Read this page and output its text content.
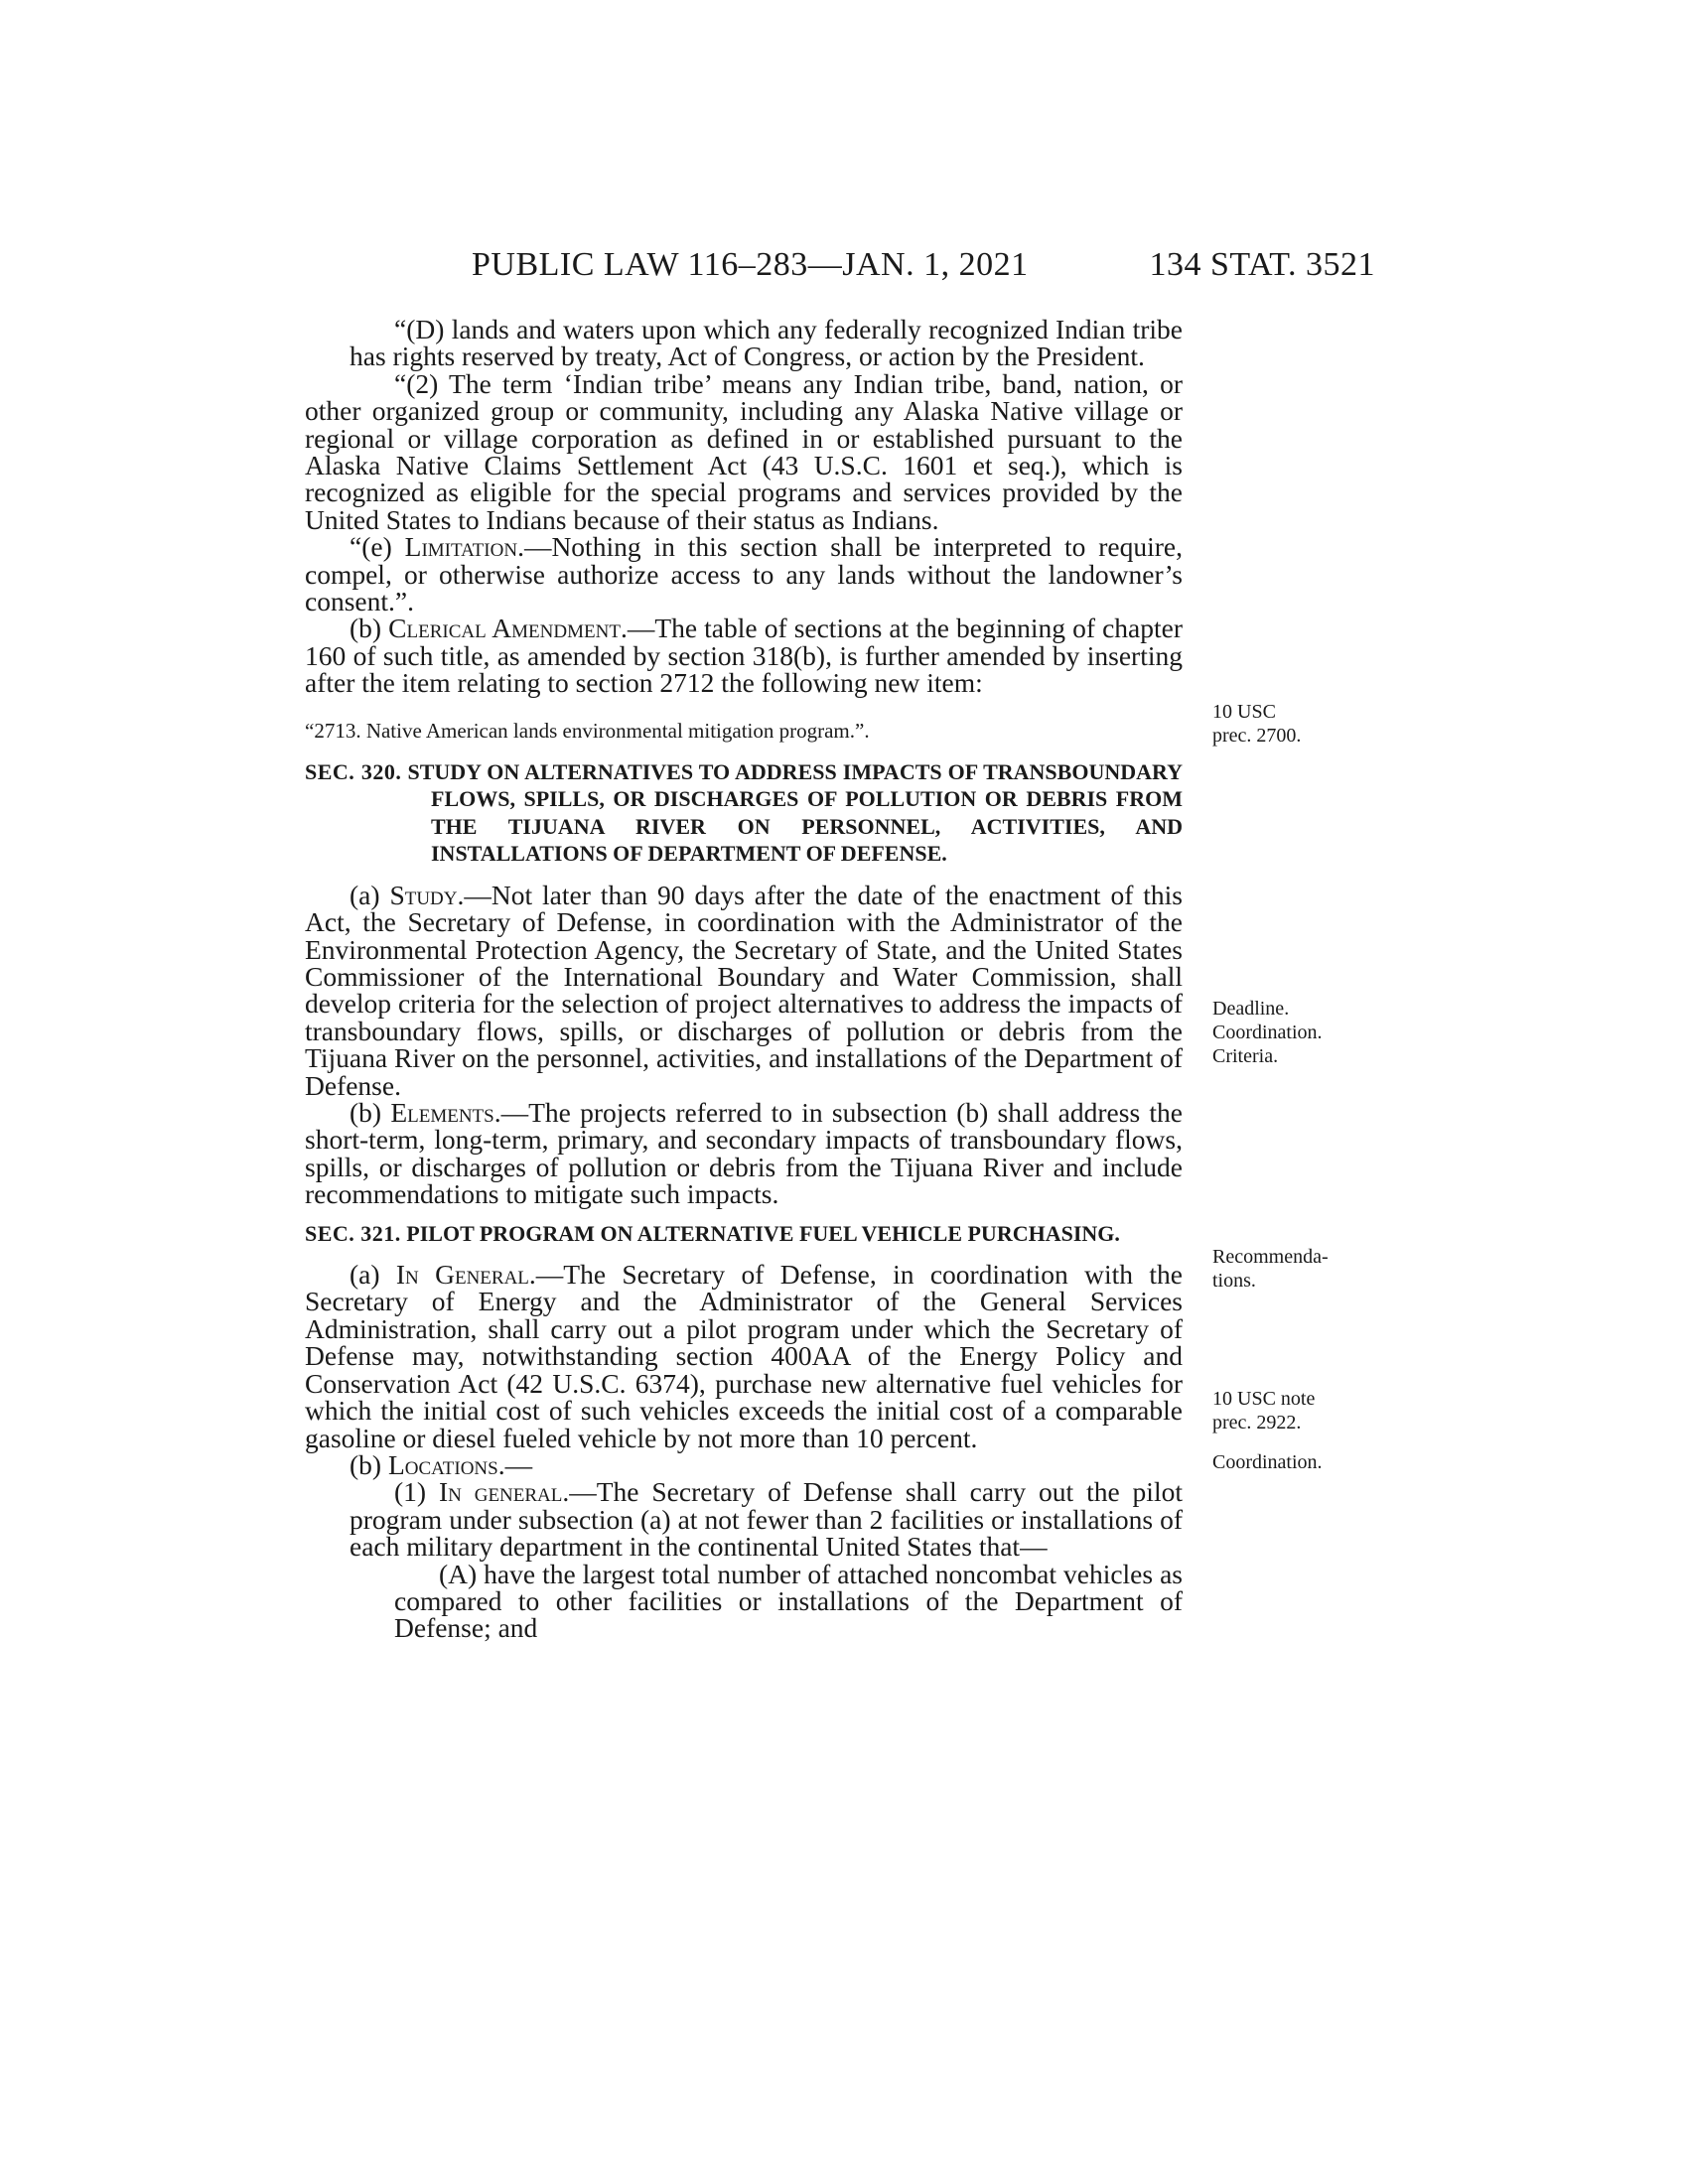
PUBLIC LAW 116–283—JAN. 1, 2021	134 STAT. 3521

“(D) lands and waters upon which any federally recognized Indian tribe has rights reserved by treaty, Act of Congress, or action by the President.

“(2) The term ‘Indian tribe’ means any Indian tribe, band, nation, or other organized group or community, including any Alaska Native village or regional or village corporation as defined in or established pursuant to the Alaska Native Claims Settlement Act (43 U.S.C. 1601 et seq.), which is recognized as eligible for the special programs and services provided by the United States to Indians because of their status as Indians.

“(e) Limitation.—Nothing in this section shall be interpreted to require, compel, or otherwise authorize access to any lands without the landowner’s consent.”.

(b) Clerical Amendment.—The table of sections at the beginning of chapter 160 of such title, as amended by section 318(b), is further amended by inserting after the item relating to section 2712 the following new item:

“2713. Native American lands environmental mitigation program.”.

SEC. 320. STUDY ON ALTERNATIVES TO ADDRESS IMPACTS OF TRANSBOUNDARY FLOWS, SPILLS, OR DISCHARGES OF POLLUTION OR DEBRIS FROM THE TIJUANA RIVER ON PERSONNEL, ACTIVITIES, AND INSTALLATIONS OF DEPARTMENT OF DEFENSE.

(a) Study.—Not later than 90 days after the date of the enactment of this Act, the Secretary of Defense, in coordination with the Administrator of the Environmental Protection Agency, the Secretary of State, and the United States Commissioner of the International Boundary and Water Commission, shall develop criteria for the selection of project alternatives to address the impacts of transboundary flows, spills, or discharges of pollution or debris from the Tijuana River on the personnel, activities, and installations of the Department of Defense.

(b) Elements.—The projects referred to in subsection (b) shall address the short-term, long-term, primary, and secondary impacts of transboundary flows, spills, or discharges of pollution or debris from the Tijuana River and include recommendations to mitigate such impacts.

SEC. 321. PILOT PROGRAM ON ALTERNATIVE FUEL VEHICLE PURCHASING.

(a) In General.—The Secretary of Defense, in coordination with the Secretary of Energy and the Administrator of the General Services Administration, shall carry out a pilot program under which the Secretary of Defense may, notwithstanding section 400AA of the Energy Policy and Conservation Act (42 U.S.C. 6374), purchase new alternative fuel vehicles for which the initial cost of such vehicles exceeds the initial cost of a comparable gasoline or diesel fueled vehicle by not more than 10 percent.

(b) Locations.—

(1) In general.—The Secretary of Defense shall carry out the pilot program under subsection (a) at not fewer than 2 facilities or installations of each military department in the continental United States that—

(A) have the largest total number of attached noncombat vehicles as compared to other facilities or installations of the Department of Defense; and

10 USC
prec. 2700.
Deadline.
Coordination.
Criteria.
Recommenda-
tions.
10 USC note
prec. 2922.
Coordination.
